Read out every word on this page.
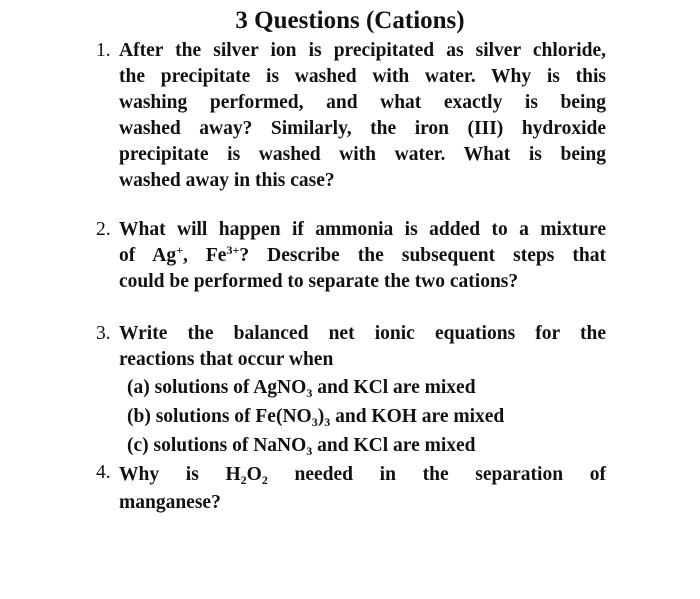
3 Questions (Cations)
1. After the silver ion is precipitated as silver chloride,
the precipitate is washed with water. Why is this
washing performed, and what exactly is being
washed away? Similarly, the iron (III) hydroxide
precipitate is washed with water. What is being
washed away in this case?
2. What will happen if ammonia is added to a mixture
of Ag+, $Fe^{3+}$? Describe the subsequent steps that
could be performed to separate the two cations?
3. Write the balanced net ionic equations for the
reactions that occur when
(a) solutions of AgNO$_3$ and KCl are mixed
(b) solutions of $Fe(NO_3)_3$ and KOH are mixed
(c) solutions of NaNO$_3$ and KCl are mixed
4. Why is $H_2O_2$ needed in the separation of
manganese?
